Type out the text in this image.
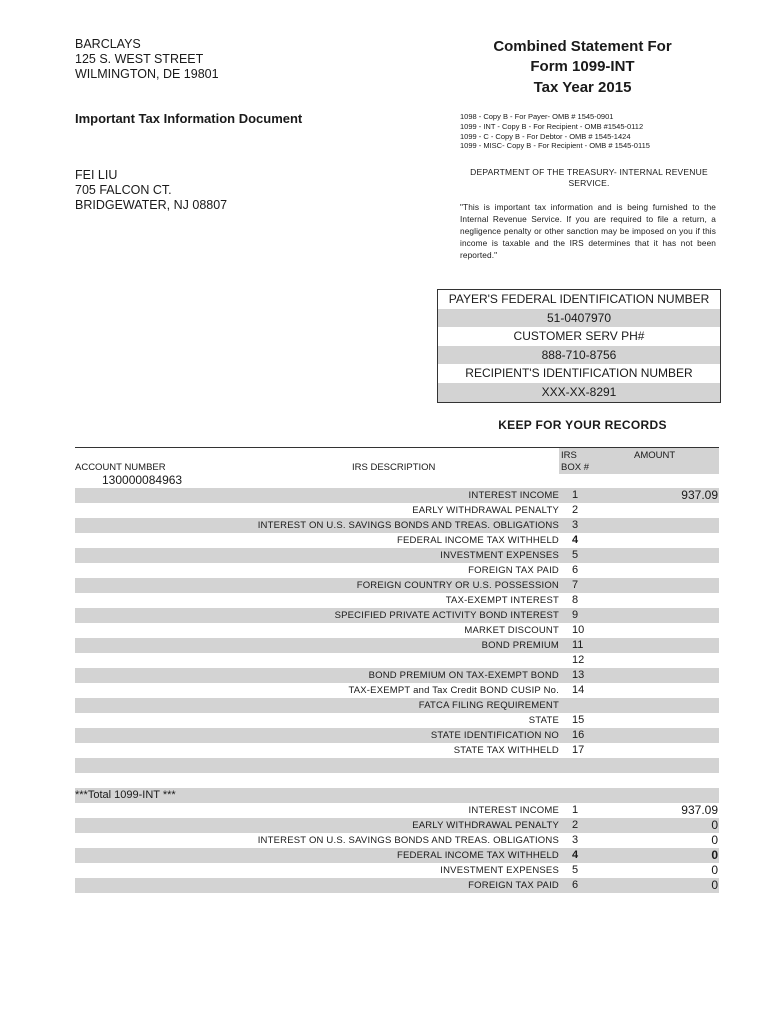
BARCLAYS
125 S. WEST STREET
WILMINGTON, DE 19801
Important Tax Information Document
FEI LIU
705 FALCON CT.
BRIDGEWATER, NJ 08807
Combined Statement For
Form 1099-INT
Tax Year 2015
1098 - Copy B - For Payer- OMB # 1545-0901
1099 - INT - Copy B - For Recipient - OMB #1545-0112
1099 - C - Copy B - For Debtor - OMB # 1545-1424
1099 - MISC- Copy B - For Recipient - OMB # 1545-0115
DEPARTMENT OF THE TREASURY- INTERNAL REVENUE SERVICE.
"This is important tax information and is being furnished to the Internal Revenue Service. If you are required to file a return, a negligence penalty or other sanction may be imposed on you if this income is taxable and the IRS determines that it has not been reported."
PAYER'S FEDERAL IDENTIFICATION NUMBER
51-0407970
CUSTOMER SERV PH#
888-710-8756
RECIPIENT'S IDENTIFICATION NUMBER
XXX-XX-8291
KEEP FOR YOUR RECORDS
ACCOUNT NUMBER	IRS DESCRIPTION
IRS
BOX #
AMOUNT
130000084963
INTEREST INCOME 1	937.09
EARLY WITHDRAWAL PENALTY 2
INTEREST ON U.S. SAVINGS BONDS AND TREAS. OBLIGATIONS 3
FEDERAL INCOME TAX WITHHELD 4
INVESTMENT EXPENSES 5
FOREIGN TAX PAID 6
FOREIGN COUNTRY OR U.S. POSSESSION 7
TAX-EXEMPT INTEREST 8
SPECIFIED PRIVATE ACTIVITY BOND INTEREST 9
MARKET DISCOUNT 10
BOND PREMIUM 11
12
BOND PREMIUM ON TAX-EXEMPT BOND 13
TAX-EXEMPT and Tax Credit BOND CUSIP No. 14
FATCA FILING REQUIREMENT
STATE 15
STATE IDENTIFICATION NO 16
STATE TAX WITHHELD 17
***Total 1099-INT ***
INTEREST INCOME 1	937.09
EARLY WITHDRAWAL PENALTY 2	0
INTEREST ON U.S. SAVINGS BONDS AND TREAS. OBLIGATIONS 3	0
FEDERAL INCOME TAX WITHHELD 4	0
INVESTMENT EXPENSES 5	0
FOREIGN TAX PAID 6	0
